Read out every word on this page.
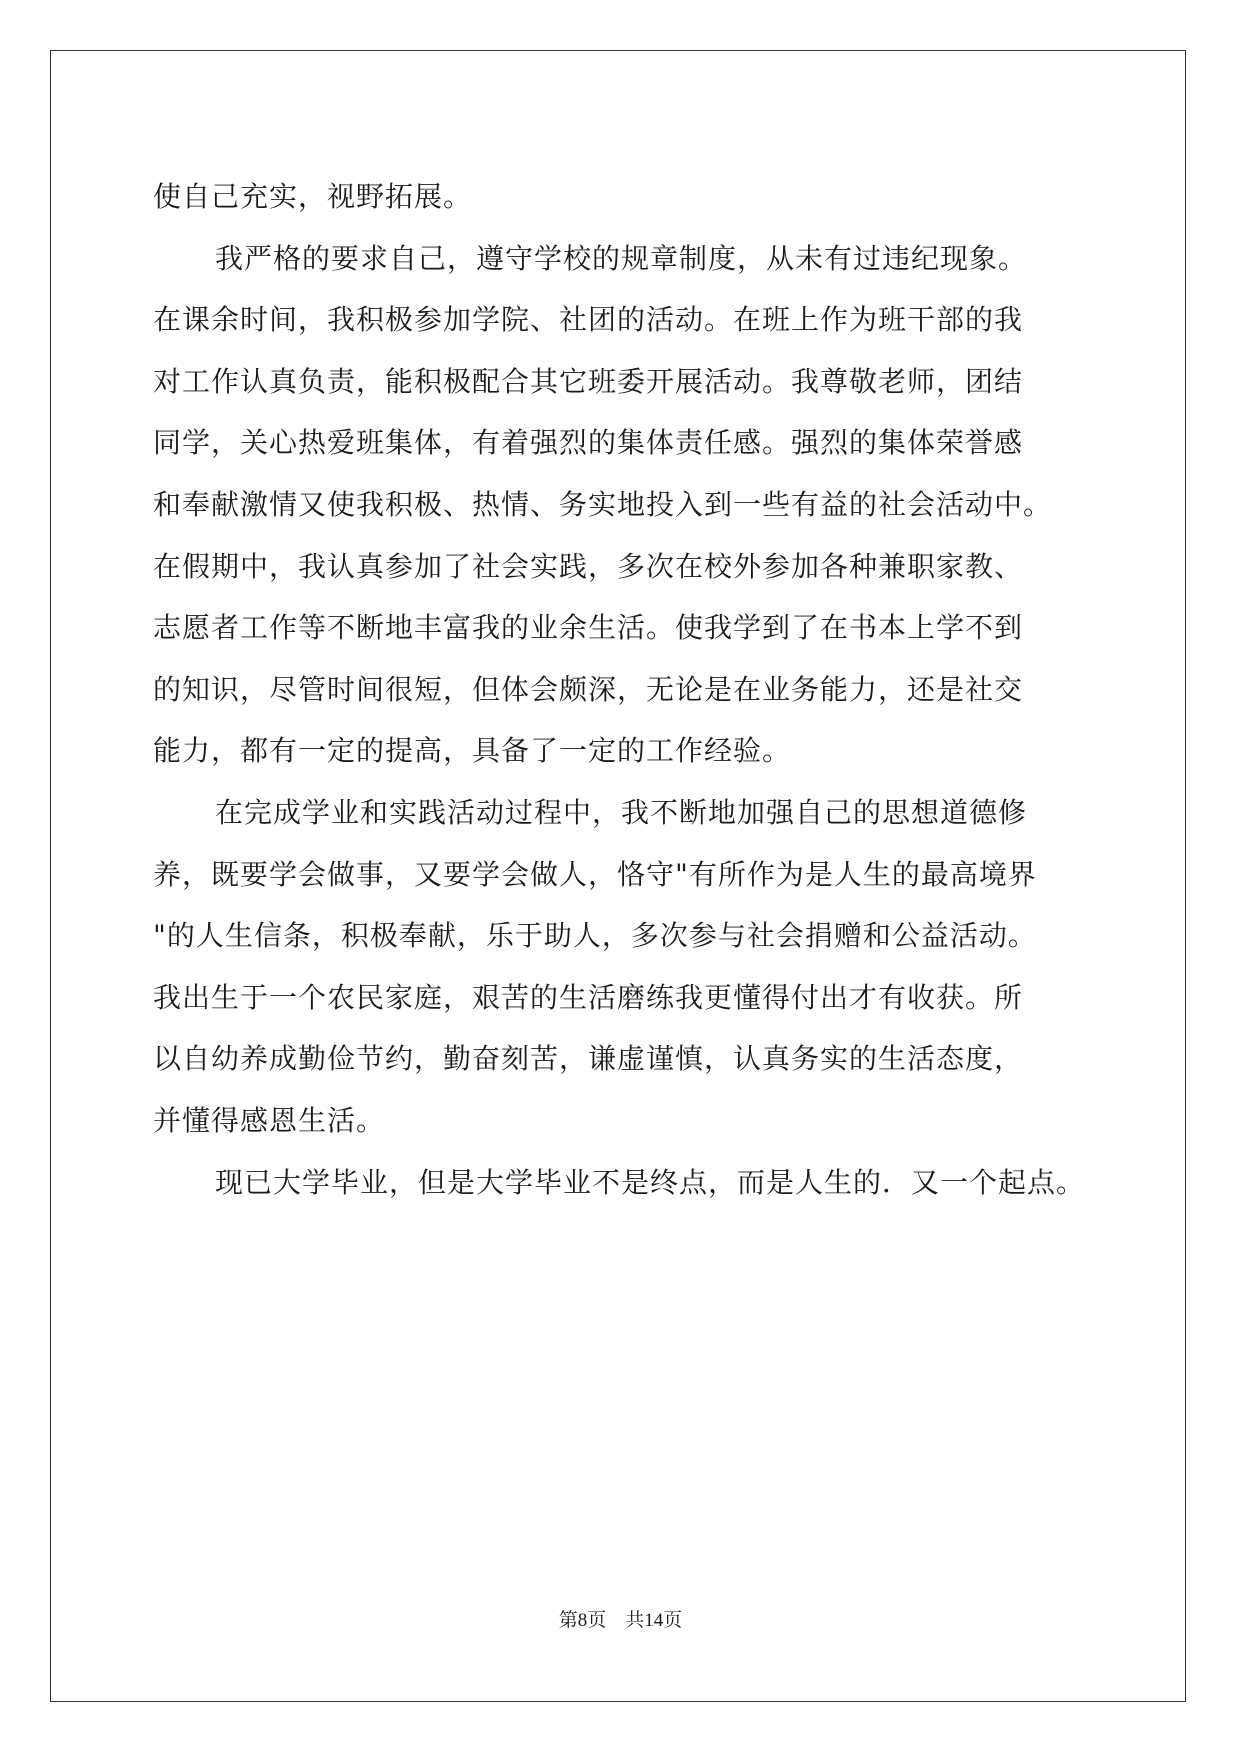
使自己充实，视野拓展。
我严格的要求自己，遵守学校的规章制度，从未有过违纪现象。
在课余时间，我积极参加学院、社团的活动。在班上作为班干部的我
对工作认真负责，能积极配合其它班委开展活动。我尊敬老师，团结
同学，关心热爱班集体，有着强烈的集体责任感。强烈的集体荣誉感
和奉献激情又使我积极、热情、务实地投入到一些有益的社会活动中。
在假期中，我认真参加了社会实践，多次在校外参加各种兼职家教、
志愿者工作等不断地丰富我的业余生活。使我学到了在书本上学不到
的知识，尽管时间很短，但体会颇深，无论是在业务能力，还是社交
能力，都有一定的提高，具备了一定的工作经验。
在完成学业和实践活动过程中，我不断地加强自己的思想道德修
养，既要学会做事，又要学会做人，恪守"有所作为是人生的最高境界
"的人生信条，积极奉献，乐于助人，多次参与社会捐赠和公益活动。
我出生于一个农民家庭，艰苦的生活磨练我更懂得付出才有收获。所
以自幼养成勤俭节约，勤奋刻苦，谦虚谨慎，认真务实的生活态度，
并懂得感恩生活。
现已大学毕业，但是大学毕业不是终点，而是人生的．又一个起点。
第8页 共14页
